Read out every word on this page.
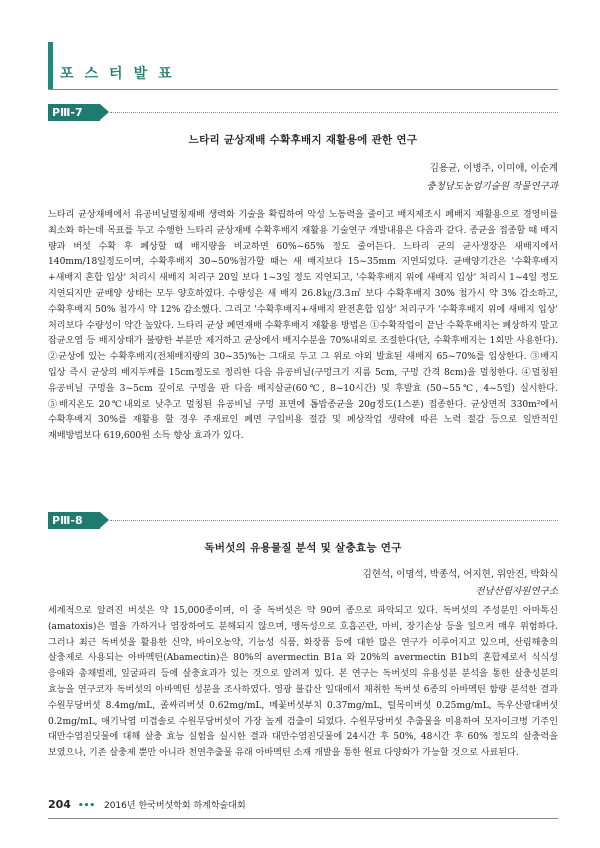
포스터발표
PⅢ-7
느타리 균상재배 수확후배지 재활용에 관한 연구
김용균, 이병주, 이미애, 이순계
충청남도농업기술원 작물연구과

느타리 균상재배에서 유공비닐멀칭재배 생력화 기술을 확립하여 악성 노동력을 줄이고 배지제조시 폐배지 재활용으로 경영비를 최소화 하는데 목표를 두고 수행한 느타리 균상재배 수확후배지 재활용 기술연구 개발내용은 다음과 같다. 종균을 접종할 때 배지 량과 버섯 수확 후 폐상할 때 배지량을 비교하면 60%~65% 정도 줄어든다. 느타리 균의 균사생장은 새배지에서 140mm/18일정도이며, 수확후배지 30~50%첨가할 때는 새 배지보다 15~35mm 지연되었다. 균배양기간은 '수확후배지+새배지 혼합 입상' 처리시 새배지 처리구 20일 보다 1~3일 정도 지연되고, '수확후배지 위에 새배지 입상' 처리시 1~4일 정도 지연되지만 균배양 상태는 모두 양호하였다. 수량성은 새 배지 26.8㎏/3.3㎡ 보다 수확후배지 30% 첨가시 약 3% 감소하고, 수확후배지 50% 첨가시 약 12% 감소했다. 그리고 '수확후배지+새배지 완전혼합 입상' 처리구가 '수확후배지 위에 새배지 입상' 처리보다 수량성이 약간 높았다. 느타리 균상 폐면재배 수확후배지 재활용 방법은 ①수확작업이 끝난 수확후배지는 폐상하지 말고 잡균오염 등 배지상태가 불량한 부분만 제거하고 균상에서 배지수분을 70%내외로 조절한다(단, 수확후배지는 1회만 사용한다). ②균상에 있는 수확후배지(전체배지량의 30~35)%는 그대로 두고 그 위로 야외 발효된 새배지 65~70%를 입상한다. ③배지 입상 즉시 균상의 배지두께를 15cm정도로 정리한 다음 유공비닐(구멍크기 지름 5cm, 구멍 간격 8cm)을 멀칭한다. ④멀칭된 유공비닐 구멍을 3~5cm 깊이로 구멍을 판 다음 배지살균(60℃, 8~10시간) 및 후발효 (50~55℃, 4~5일) 실시한다. ⑤배지온도 20℃내외로 낮추고 멀칭된 유공비닐 구멍 표면에 톱밥종균을 20g정도(1스푼) 접종한다. 균상면적 330m²에서 수확후배지 30%를 재활용 할 경우 주재료인 폐면 구입비용 절감 및 폐상작업 생략에 따른 노력 절감 등으로 일반적인 재배방법보다 619,600원 소득 향상 효과가 있다.

PⅢ-8
독버섯의 유용물질 분석 및 살충효능 연구
김현석, 이명석, 박종석, 어지현, 위안진, 박화식
전남산림자원연구소

세계적으로 알려진 버섯은 약 15,000종이며, 이 중 독버섯은 약 90여 종으로 파악되고 있다. 독버섯의 주성분인 아마톡신(amatoxis)은 열을 가하거나 염장하여도 분해되지 않으며, 맹독성으로 호흡곤란, 마비, 장기손상 등을 일으켜 매우 위험하다. 그러나 최근 독버섯을 활용한 신약, 바이오농약, 기능성 식품, 화장품 등에 대한 많은 연구가 이루어지고 있으며, 산림해충의 살충제로 사용되는 아바멕틴(Abamectin)은 80%의 avermectin B1a 와 20%의 avermectin B1b의 혼합제로서 식식성 응애와 총채벌레, 잎굴파리 등에 살충효과가 있는 것으로 알려져 있다. 본 연구는 독버섯의 유용성분 분석을 통한 살충성분의 효능을 연구코자 독버섯의 아바멕틴 성분을 조사하였다. 영광 불갑산 일대에서 채취한 독버섯 6종의 아바멕틴 함량 분석한 결과 수원무당버섯 8.4mg/mL, 졸싸리버섯 0.62mg/mL, 메꽃버섯부치 0.37mg/mL, 털목이버섯 0.25mg/mL, 독우산광대버섯 0.2mg/mL, 애기낙엽 미겹솔로 수원무당버섯이 가장 높게 검출이 되었다. 수원무당버섯 추출물을 이용하여 모자이크병 기주인 대만수염진딧물에 대해 살충 효능 실험을 실시한 결과 대만수염진딧물에 24시간 후 50%, 48시간 후 60% 정도의 살충력을 보였으나, 기존 살충제 뿐만 아니라 천연추출물 유래 아바멕틴 소재 개발을 통한 원료 다양화가 가능할 것으로 사료된다.

204 ••• 2016년 한국버섯학회 하계학술대회
